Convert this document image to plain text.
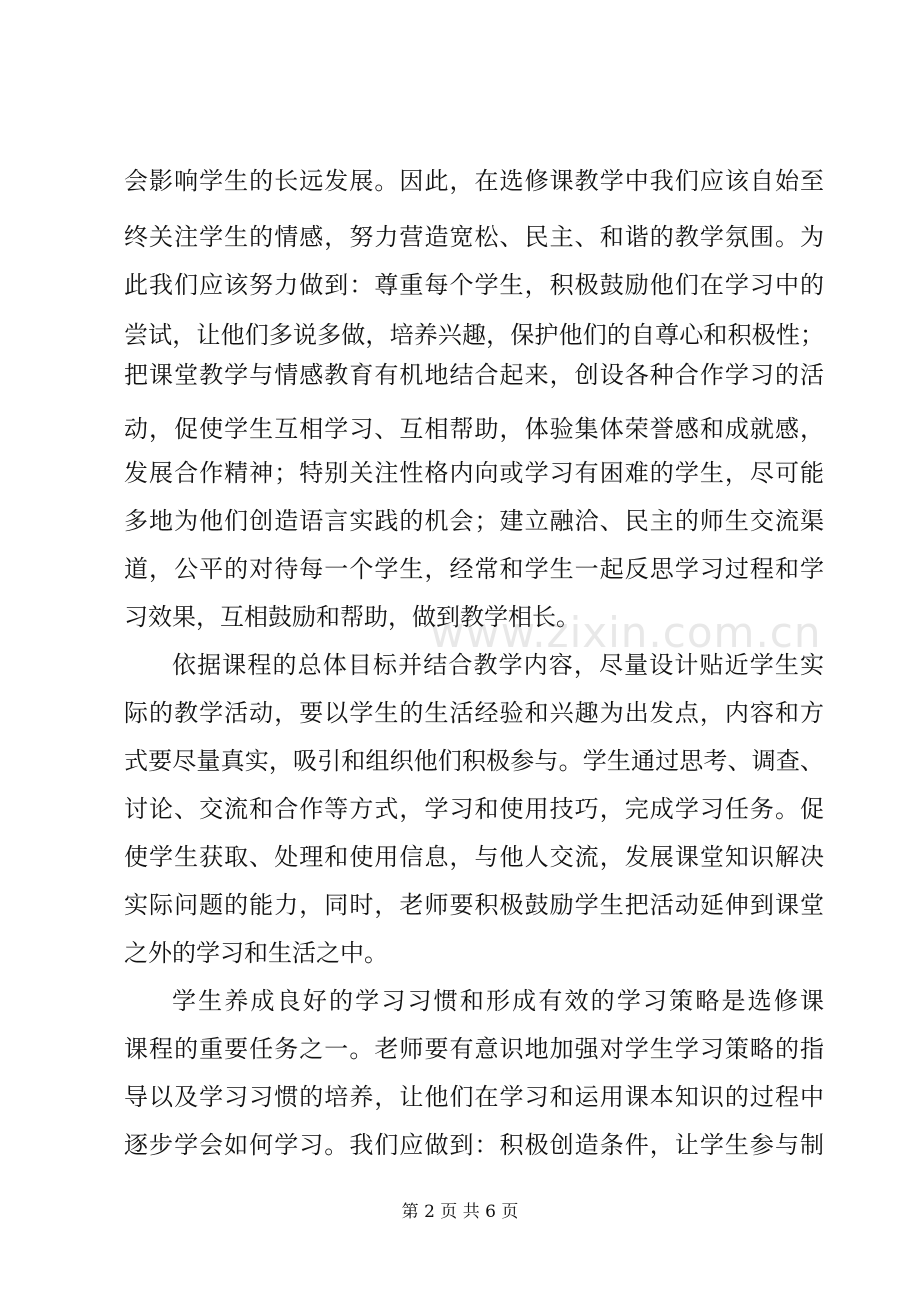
www.zixin.com.cn
会影响学生的长远发展。因此，在选修课教学中我们应该自始至
终关注学生的情感，努力营造宽松、民主、和谐的教学氛围。为
此我们应该努力做到：尊重每个学生，积极鼓励他们在学习中的
尝试，让他们多说多做，培养兴趣，保护他们的自尊心和积极性；
把课堂教学与情感教育有机地结合起来，创设各种合作学习的活
动，促使学生互相学习、互相帮助，体验集体荣誉感和成就感，
发展合作精神；特别关注性格内向或学习有困难的学生，尽可能
多地为他们创造语言实践的机会；建立融洽、民主的师生交流渠
道，公平的对待每一个学生，经常和学生一起反思学习过程和学
习效果，互相鼓励和帮助，做到教学相长。
依据课程的总体目标并结合教学内容，尽量设计贴近学生实
际的教学活动，要以学生的生活经验和兴趣为出发点，内容和方
式要尽量真实，吸引和组织他们积极参与。学生通过思考、调查、
讨论、交流和合作等方式，学习和使用技巧，完成学习任务。促
使学生获取、处理和使用信息，与他人交流，发展课堂知识解决
实际问题的能力，同时，老师要积极鼓励学生把活动延伸到课堂
之外的学习和生活之中。
学生养成良好的学习习惯和形成有效的学习策略是选修课
课程的重要任务之一。老师要有意识地加强对学生学习策略的指
导以及学习习惯的培养，让他们在学习和运用课本知识的过程中
逐步学会如何学习。我们应做到：积极创造条件，让学生参与制
第 2 页 共 6 页
